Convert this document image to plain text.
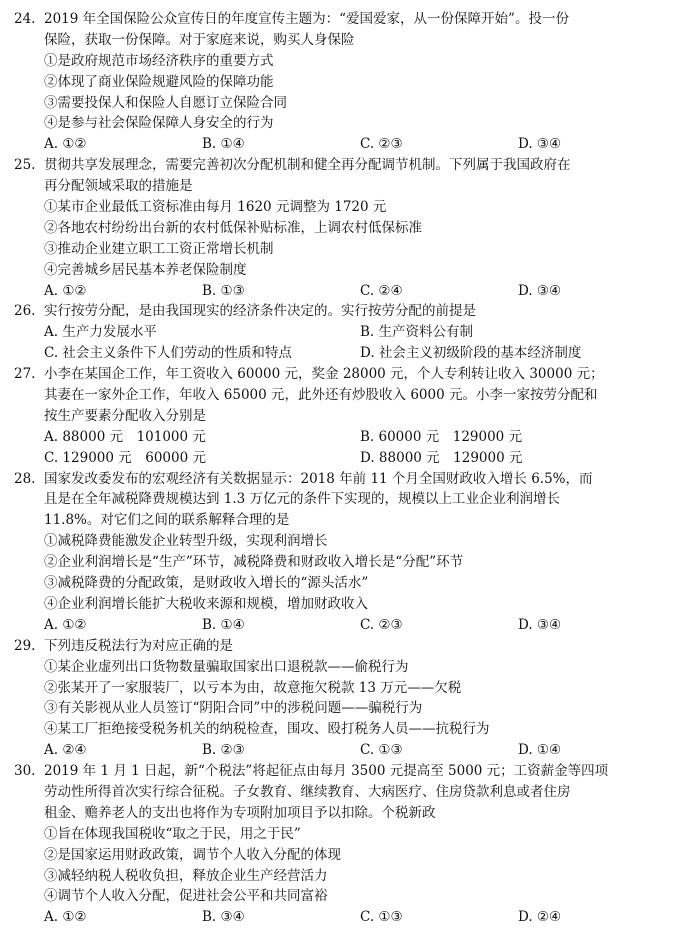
24. 2019 年全国保险公众宣传日的年度宣传主题为：“爱国爱家，从一份保障开始”。投一份
保险，获取一份保障。对于家庭来说，购买人身保险
①是政府规范市场经济秩序的重要方式
②体现了商业保险规避风险的保障功能
③需要投保人和保险人自愿订立保险合同
④是参与社会保险保障人身安全的行为
A. ①②	B. ①④	C. ②③	D. ③④
25. 贯彻共享发展理念，需要完善初次分配机制和健全再分配调节机制。下列属于我国政府在
再分配领域采取的措施是
①某市企业最低工资标准由每月 1620 元调整为 1720 元
②各地农村纷纷出台新的农村低保补贴标准，上调农村低保标准
③推动企业建立职工工资正常增长机制
④完善城乡居民基本养老保险制度
A. ①②	B. ①③	C. ②④	D. ③④
26. 实行按劳分配，是由我国现实的经济条件决定的。实行按劳分配的前提是
A. 生产力发展水平	B. 生产资料公有制
C. 社会主义条件下人们劳动的性质和特点	D. 社会主义初级阶段的基本经济制度
27. 小李在某国企工作，年工资收入 60000 元，奖金 28000 元，个人专利转让收入 30000 元；
其妻在一家外企工作，年收入 65000 元，此外还有炒股收入 6000 元。小李一家按劳分配和
按生产要素分配收入分别是
A. 88000 元　101000 元	B. 60000 元　129000 元
C. 129000 元　60000 元	D. 88000 元　129000 元
28. 国家发改委发布的宏观经济有关数据显示：2018 年前 11 个月全国财政收入增长 6.5%，而
且是在全年减税降费规模达到 1.3 万亿元的条件下实现的，规模以上工业企业利润增长
11.8%。对它们之间的联系解释合理的是
①减税降费能激发企业转型升级，实现利润增长
②企业利润增长是“生产”环节，减税降费和财政收入增长是“分配”环节
③减税降费的分配政策，是财政收入增长的“源头活水”
④企业利润增长能扩大税收来源和规模，增加财政收入
A. ①②	B. ①④	C. ②③	D. ③④
29. 下列违反税法行为对应正确的是
①某企业虚列出口货物数量骗取国家出口退税款——偷税行为
②张某开了一家服装厂，以亏本为由，故意拖欠税款 13 万元——欠税
③有关影视从业人员签订“阴阳合同”中的涉税问题——骗税行为
④某工厂拒绝接受税务机关的纳税检查，围攻、殴打税务人员——抗税行为
A. ②④	B. ②③	C. ①③	D. ①④
30. 2019 年 1 月 1 日起，新“个税法”将起征点由每月 3500 元提高至 5000 元；工资薪金等四项
劳动性所得首次实行综合征税。子女教育、继续教育、大病医疗、住房贷款利息或者住房
租金、赡养老人的支出也将作为专项附加项目予以扣除。个税新政
①旨在体现我国税收“取之于民，用之于民”
②是国家运用财政政策，调节个人收入分配的体现
③减轻纳税人税收负担，释放企业生产经营活力
④调节个人收入分配，促进社会公平和共同富裕
A. ①②	B. ③④	C. ①③	D. ②④
